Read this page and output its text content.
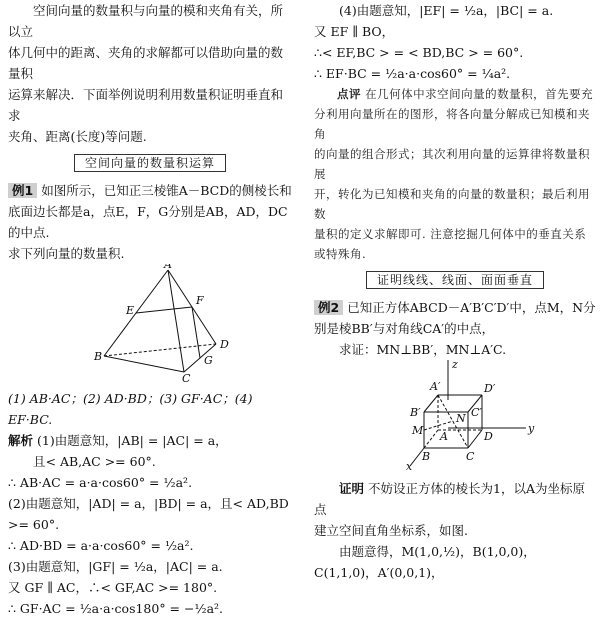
空间向量的数量积与向量的模和夹角有关，所以立

体几何中的距离、夹角的求解都可以借助向量的数量积

运算来解决．下面举例说明利用数量积证明垂直和求

夹角、距离(长度)等问题.

空间向量的数量积运算

例1 如图所示，已知正三棱锥A－BCD的侧棱长和

底面边长都是a，点E，F，G分别是AB，AD，DC的中点.

求下列向量的数量积.

A
B
C
D
E
F
G

(1) AB·AC；(2) AD·BD；(3) GF·AC；(4) EF·BC.

解析 (1)由题意知，|AB| = |AC| = a，

且< AB,AC >= 60°.

∴ AB·AC = a·a·cos60° = ½a².

(2)由题意知，|AD| = a，|BD| = a，且< AD,BD >= 60°.

∴ AD·BD = a·a·cos60° = ½a².

(3)由题意知，|GF| = ½a，|AC| = a.

又 GF ∥ AC，∴< GF,AC >= 180°.

∴ GF·AC = ½a·a·cos180° = −½a².

(4)由题意知，|EF| = ½a，|BC| = a.

又 EF ∥ BO，

∴< EF,BC > = < BD,BC > = 60°.

∴ EF·BC = ½a·a·cos60° = ¼a².

点评 在几何体中求空间向量的数量积，首先要充

分利用向量所在的图形，将各向量分解成已知模和夹角

的向量的组合形式；其次利用向量的运算律将数量积展

开，转化为已知模和夹角的向量的数量积；最后利用数

量积的定义求解即可. 注意挖掘几何体中的垂直关系

或特殊角.

证明线线、线面、面面垂直

例2 已知正方体ABCD－A′B′C′D′中，点M，N分

别是棱BB′与对角线CA′的中点，

求证：MN⊥BB′，MN⊥A′C.

z
y
x
A′	D′
B′	C′
M
N
A	D
B	C

证明 不妨设正方体的棱长为1，以A为坐标原点

建立空间直角坐标系，如图.

由题意得，M(1,0,½)，B(1,0,0)，C(1,1,0)，A′(0,0,1)，
